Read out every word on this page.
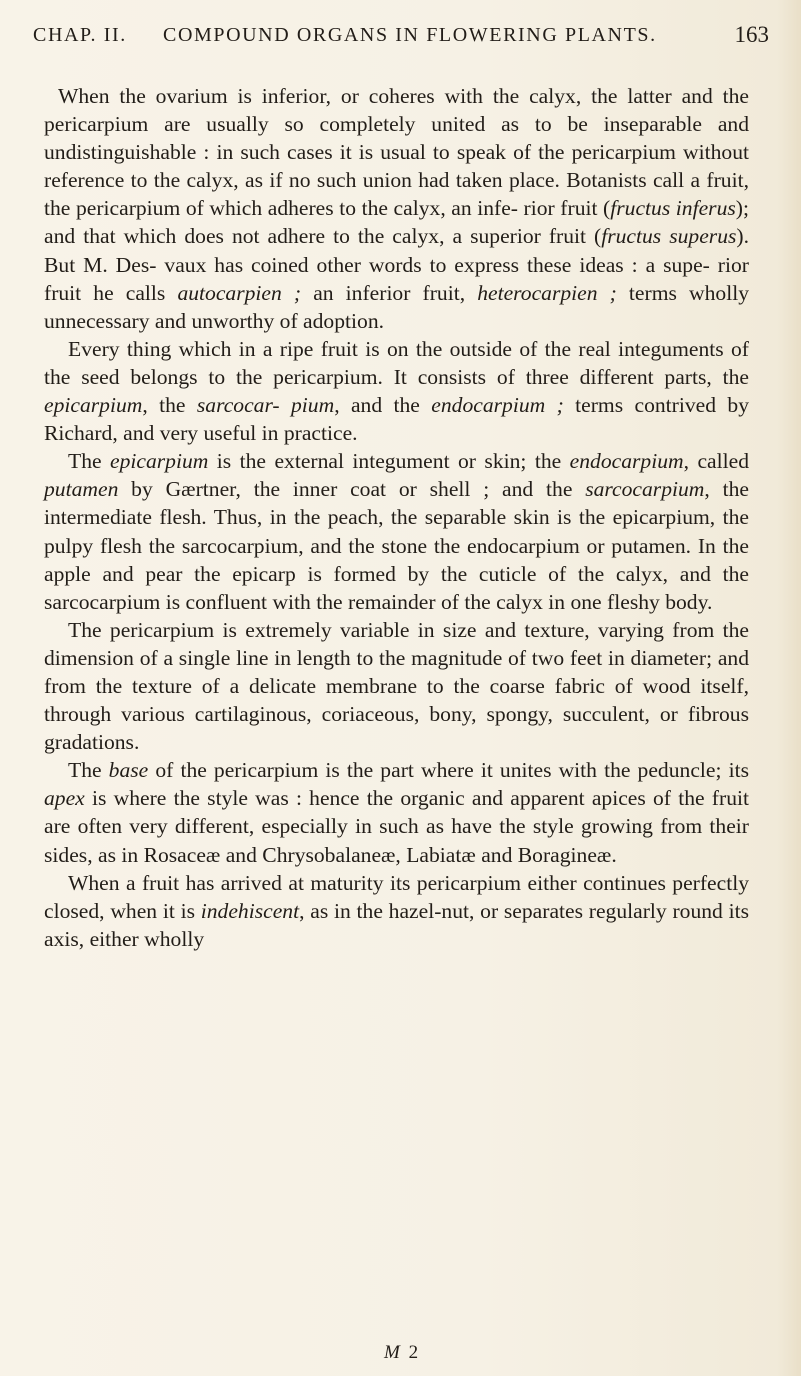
CHAP. II. COMPOUND ORGANS IN FLOWERING PLANTS.	163

When the ovarium is inferior, or coheres with the calyx, the latter and the pericarpium are usually so completely united as to be inseparable and undistinguishable : in such cases it is usual to speak of the pericarpium without reference to the calyx, as if no such union had taken place. Botanists call a fruit, the pericarpium of which adheres to the calyx, an infe- rior fruit (fructus inferus); and that which does not adhere to the calyx, a superior fruit (fructus superus). But M. Des- vaux has coined other words to express these ideas : a supe- rior fruit he calls autocarpien ; an inferior fruit, heterocarpien ; terms wholly unnecessary and unworthy of adoption.

Every thing which in a ripe fruit is on the outside of the real integuments of the seed belongs to the pericarpium. It consists of three different parts, the epicarpium, the sarcocar- pium, and the endocarpium ; terms contrived by Richard, and very useful in practice.

The epicarpium is the external integument or skin; the endocarpium, called putamen by Gærtner, the inner coat or shell ; and the sarcocarpium, the intermediate flesh. Thus, in the peach, the separable skin is the epicarpium, the pulpy flesh the sarcocarpium, and the stone the endocarpium or putamen. In the apple and pear the epicarp is formed by the cuticle of the calyx, and the sarcocarpium is confluent with the remainder of the calyx in one fleshy body.

The pericarpium is extremely variable in size and texture, varying from the dimension of a single line in length to the magnitude of two feet in diameter; and from the texture of a delicate membrane to the coarse fabric of wood itself, through various cartilaginous, coriaceous, bony, spongy, succulent, or fibrous gradations.

The base of the pericarpium is the part where it unites with the peduncle; its apex is where the style was : hence the organic and apparent apices of the fruit are often very different, especially in such as have the style growing from their sides, as in Rosaceæ and Chrysobalaneæ, Labiatæ and Boragineæ.

When a fruit has arrived at maturity its pericarpium either continues perfectly closed, when it is indehiscent, as in the hazel-nut, or separates regularly round its axis, either wholly

M 2
